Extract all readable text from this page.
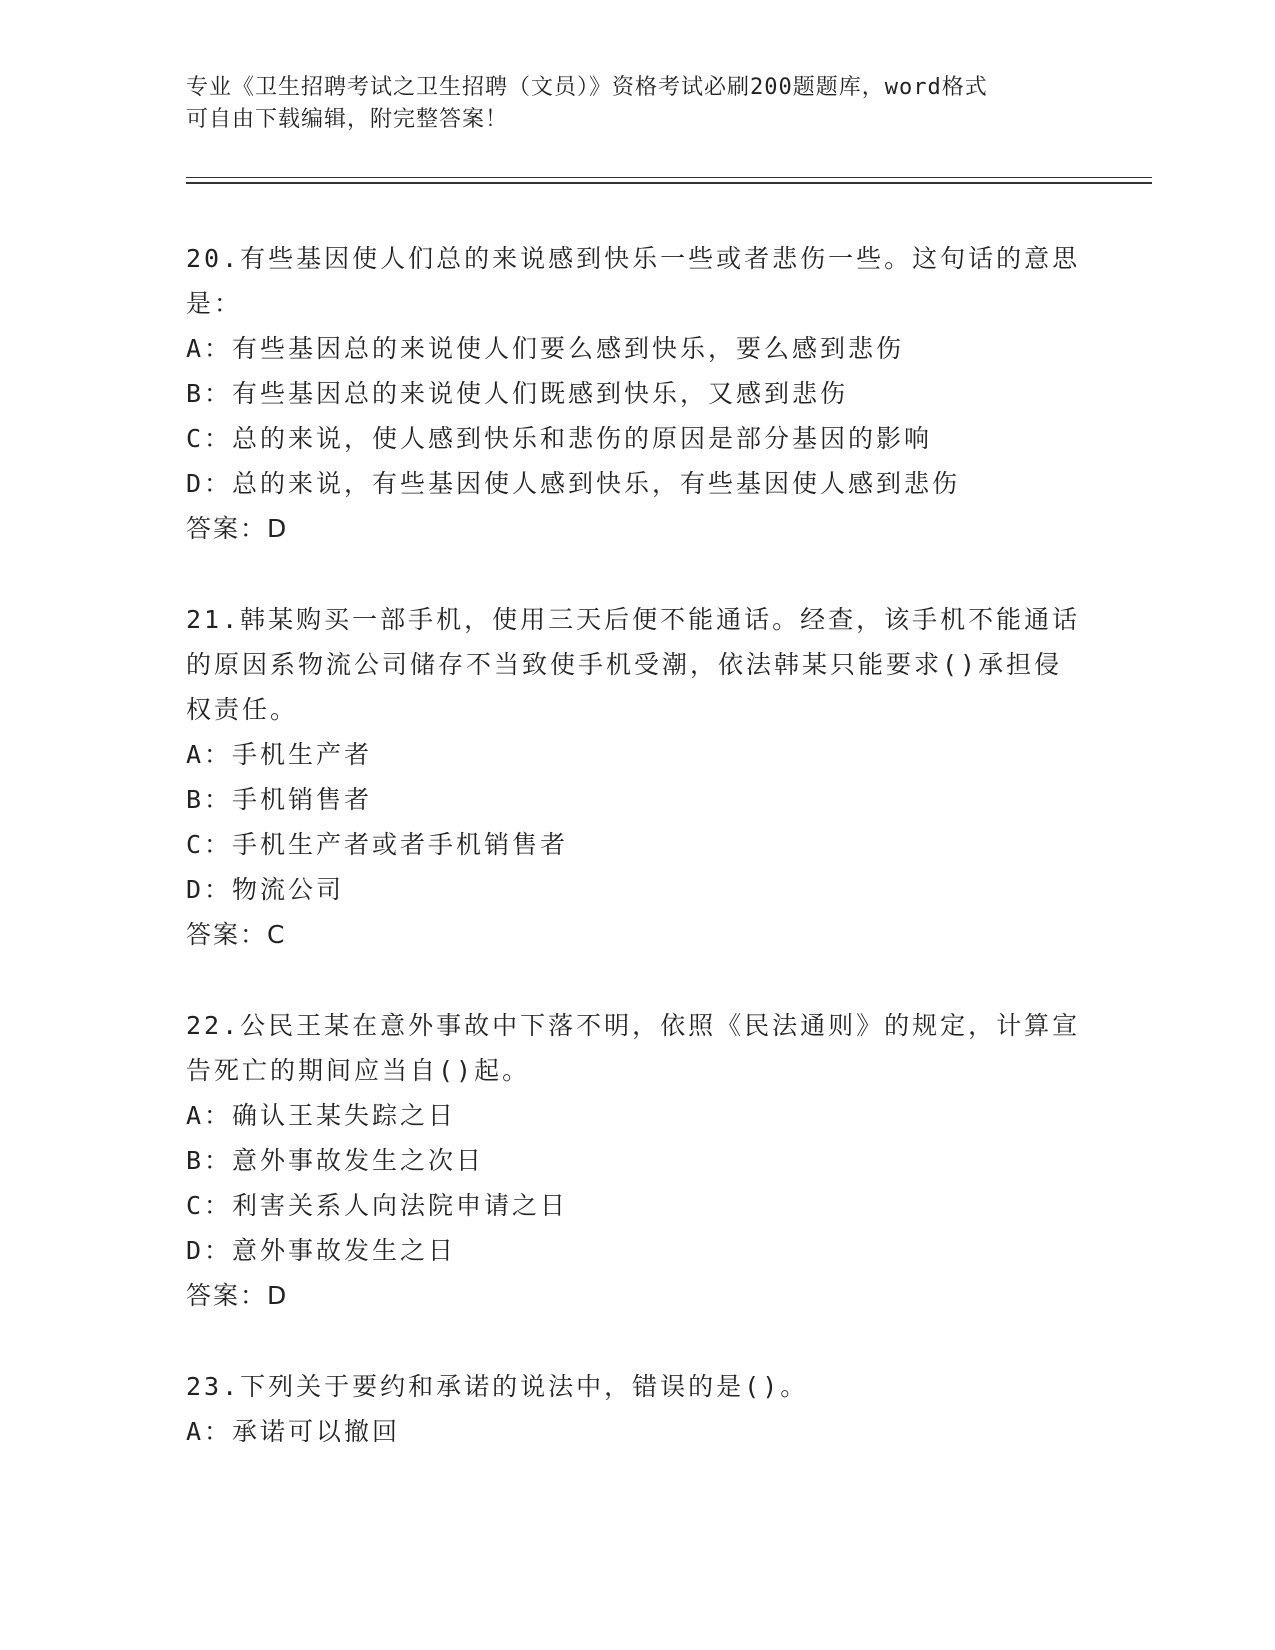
专业《卫生招聘考试之卫生招聘（文员）》资格考试必刷200题题库，word格式
可自由下载编辑，附完整答案！
20.有些基因使人们总的来说感到快乐一些或者悲伤一些。这句话的意思是：
A：有些基因总的来说使人们要么感到快乐，要么感到悲伤
B：有些基因总的来说使人们既感到快乐，又感到悲伤
C：总的来说，使人感到快乐和悲伤的原因是部分基因的影响
D：总的来说，有些基因使人感到快乐，有些基因使人感到悲伤
答案：D
21.韩某购买一部手机，使用三天后便不能通话。经查，该手机不能通话的原因系物流公司储存不当致使手机受潮，依法韩某只能要求()承担侵权责任。
A：手机生产者
B：手机销售者
C：手机生产者或者手机销售者
D：物流公司
答案：C
22.公民王某在意外事故中下落不明，依照《民法通则》的规定，计算宣告死亡的期间应当自()起。
A：确认王某失踪之日
B：意外事故发生之次日
C：利害关系人向法院申请之日
D：意外事故发生之日
答案：D
23.下列关于要约和承诺的说法中，错误的是()。
A：承诺可以撤回
